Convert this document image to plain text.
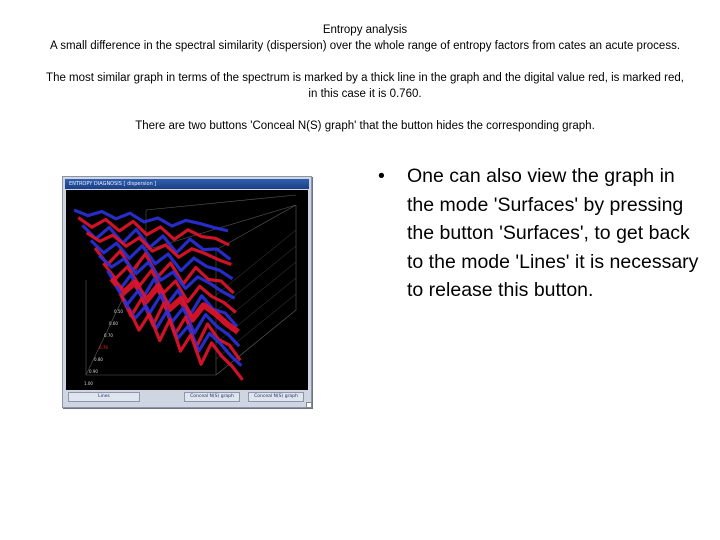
Entropy analysis

A small difference in the spectral similarity (dispersion) over the whole range of entropy factors from cates an acute process.

The most similar graph in terms of the spectrum is marked by a thick line in the graph and the digital value red, is marked red, in this case it is 0.760.

There are two buttons 'Conceal N(S) graph' that the button hides the corresponding graph.

ENTROPY DIAGNOSIS [ dispersion ]
1.00
0.90
0.80
0.76
0.70
0.60
0.50
Lines	Conceal N(S) graph	Conceal N(S) graph
• One can also view the graph in the mode 'Surfaces' by pressing the button 'Surfaces', to get back to the mode 'Lines' it is necessary to release this button.
